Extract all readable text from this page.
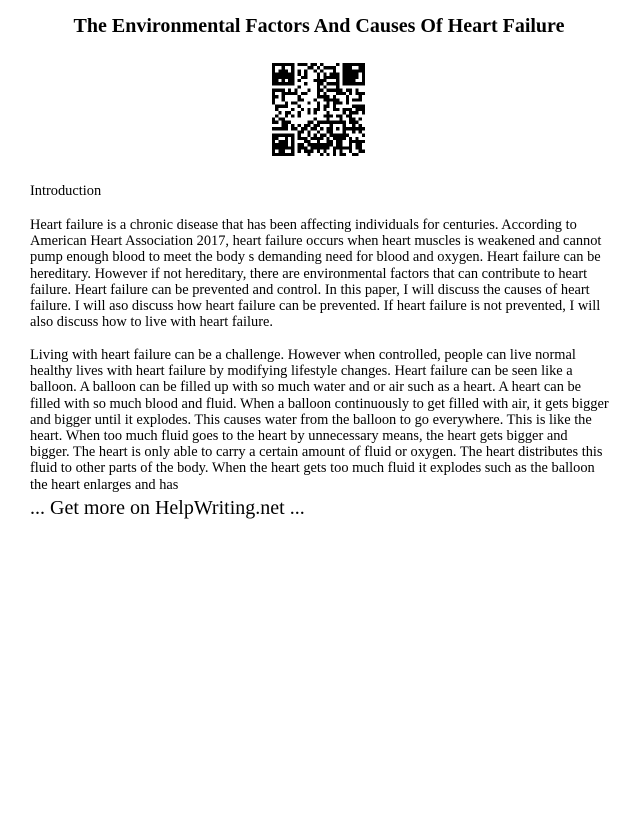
The Environmental Factors And Causes Of Heart Failure

Introduction

Heart failure is a chronic disease that has been affecting individuals for centuries. According to American Heart Association 2017, heart failure occurs when heart muscles is weakened and cannot pump enough blood to meet the body s demanding need for blood and oxygen. Heart failure can be hereditary. However if not hereditary, there are environmental factors that can contribute to heart failure. Heart failure can be prevented and control. In this paper, I will discuss the causes of heart failure. I will aso discuss how heart failure can be prevented. If heart failure is not prevented, I will also discuss how to live with heart failure.

Living with heart failure can be a challenge. However when controlled, people can live normal healthy lives with heart failure by modifying lifestyle changes. Heart failure can be seen like a balloon. A balloon can be filled up with so much water and or air such as a heart. A heart can be filled with so much blood and fluid. When a balloon continuously to get filled with air, it gets bigger and bigger until it explodes. This causes water from the balloon to go everywhere. This is like the heart. When too much fluid goes to the heart by unnecessary means, the heart gets bigger and bigger. The heart is only able to carry a certain amount of fluid or oxygen. The heart distributes this fluid to other parts of the body. When the heart gets too much fluid it explodes such as the balloon the heart enlarges and has

... Get more on HelpWriting.net ...
